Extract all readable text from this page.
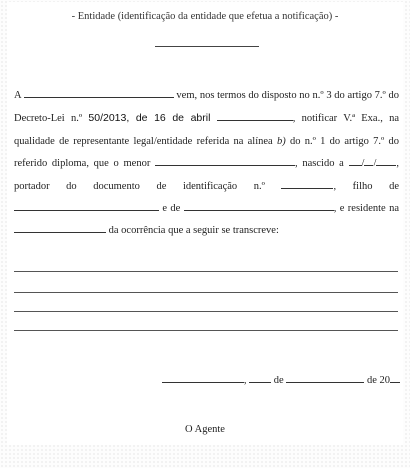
- Entidade (identificação da entidade que efetua a notificação) -

A	vem, nos termos do disposto no n.º 3 do artigo 7.º do Decreto-Lei n.º 50/2013, de 16 de abril	, notificar V.ª Exa., na qualidade de representante legal/entidade referida na alínea b) do n.º 1 do artigo 7.º do referido diploma, que o menor	, nascido a / / , portador do documento de identificação n.º	, filho de  e de	, e residente na da ocorrência que a seguir se transcreve:

,	de	de 20
O Agente
